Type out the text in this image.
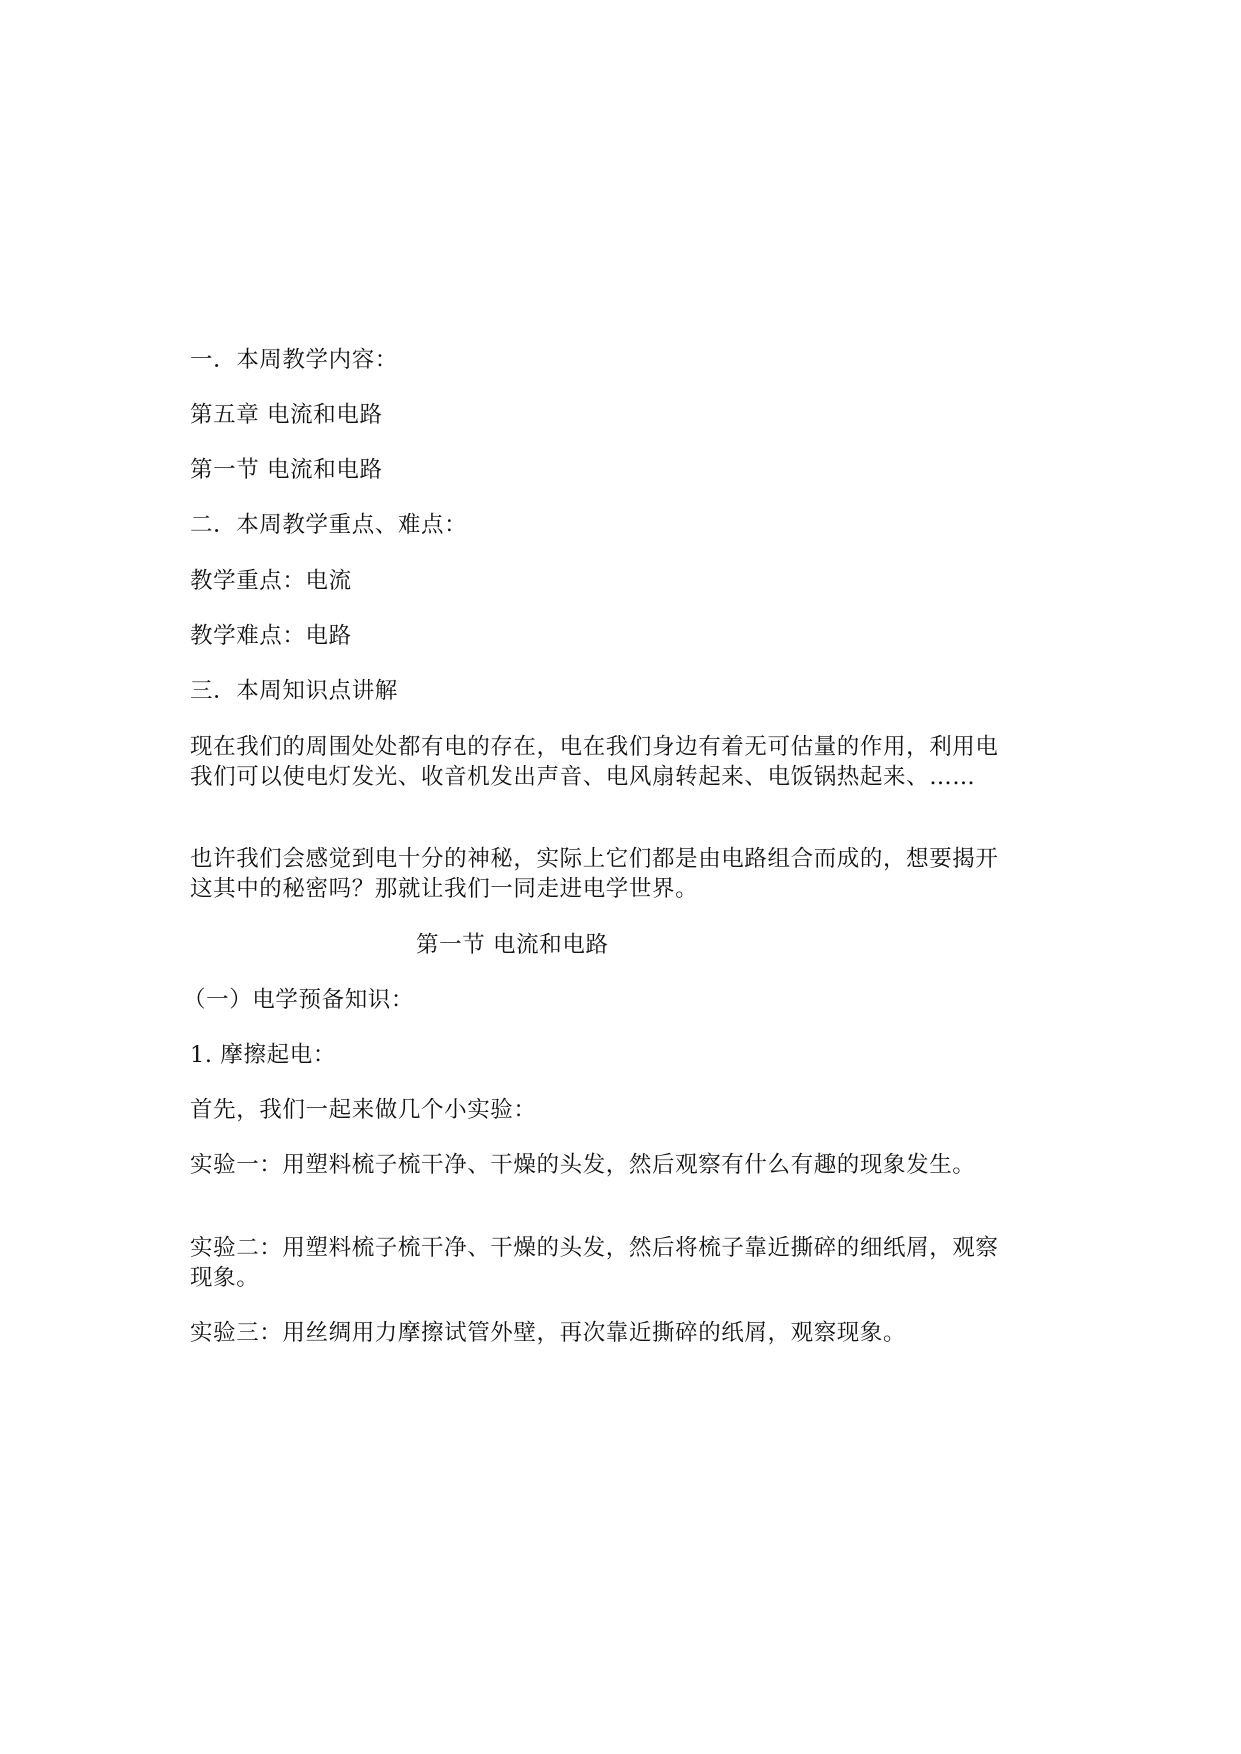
一．本周教学内容：
第五章 电流和电路
第一节 电流和电路
二．本周教学重点、难点：
教学重点：电流
教学难点：电路
三．本周知识点讲解
现在我们的周围处处都有电的存在，电在我们身边有着无可估量的作用，利用电
我们可以使电灯发光、收音机发出声音、电风扇转起来、电饭锅热起来、……
也许我们会感觉到电十分的神秘，实际上它们都是由电路组合而成的，想要揭开
这其中的秘密吗？那就让我们一同走进电学世界。
第一节 电流和电路
（一）电学预备知识：
1. 摩擦起电：
首先，我们一起来做几个小实验：
实验一：用塑料梳子梳干净、干燥的头发，然后观察有什么有趣的现象发生。
实验二：用塑料梳子梳干净、干燥的头发，然后将梳子靠近撕碎的细纸屑，观察
现象。
实验三：用丝绸用力摩擦试管外壁，再次靠近撕碎的纸屑，观察现象。
